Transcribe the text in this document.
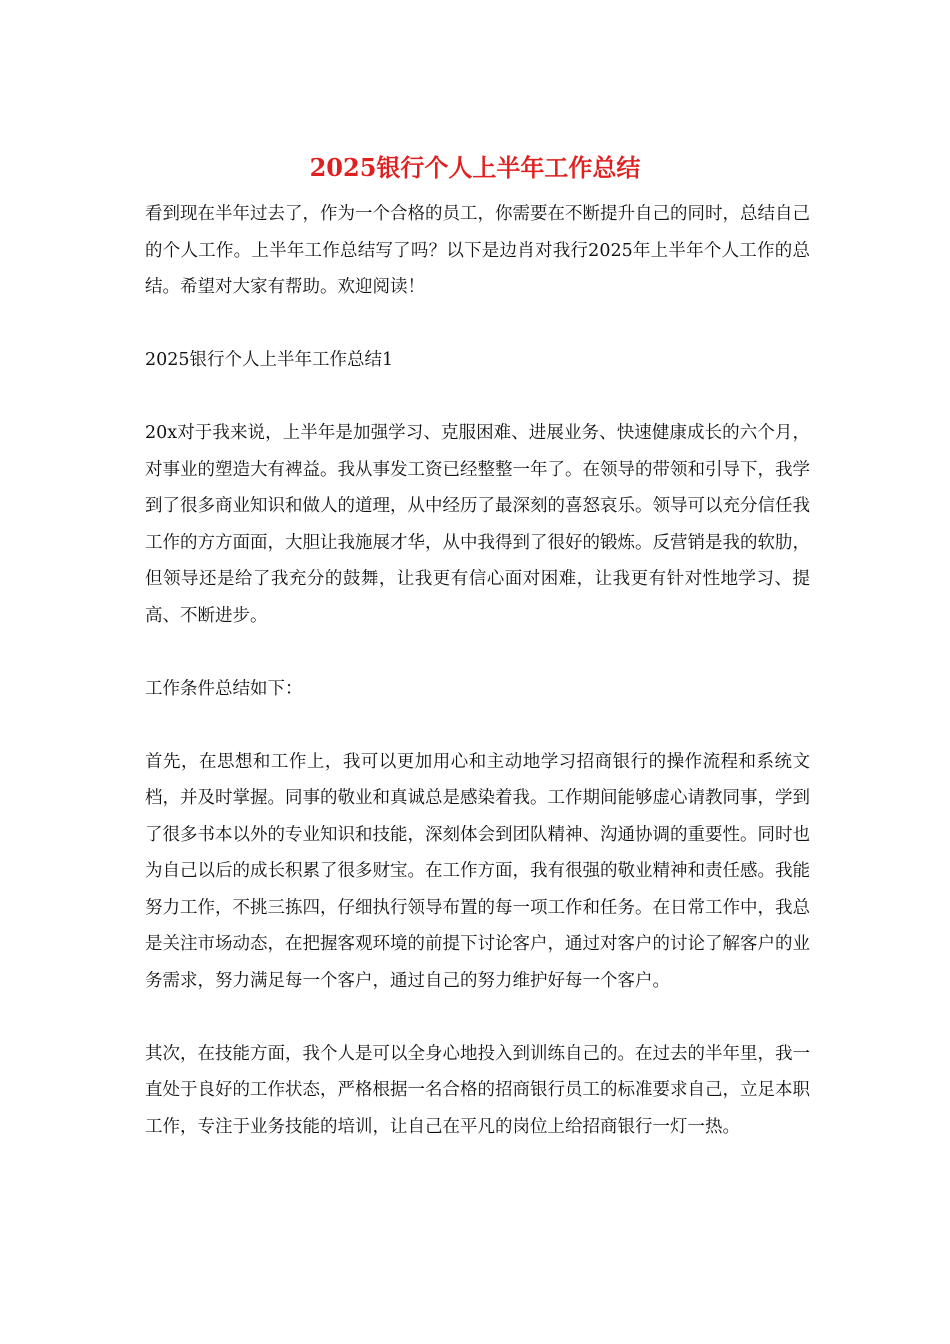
2025银行个人上半年工作总结

看到现在半年过去了，作为一个合格的员工，你需要在不断提升自己的同时，总结自己的个人工作。上半年工作总结写了吗？以下是边肖对我行2025年上半年个人工作的总结。希望对大家有帮助。欢迎阅读！

2025银行个人上半年工作总结1

20x对于我来说，上半年是加强学习、克服困难、进展业务、快速健康成长的六个月，对事业的塑造大有裨益。我从事发工资已经整整一年了。在领导的带领和引导下，我学到了很多商业知识和做人的道理，从中经历了最深刻的喜怒哀乐。领导可以充分信任我工作的方方面面，大胆让我施展才华，从中我得到了很好的锻炼。反营销是我的软肋，但领导还是给了我充分的鼓舞，让我更有信心面对困难，让我更有针对性地学习、提高、不断进步。

工作条件总结如下：

首先，在思想和工作上，我可以更加用心和主动地学习招商银行的操作流程和系统文档，并及时掌握。同事的敬业和真诚总是感染着我。工作期间能够虚心请教同事，学到了很多书本以外的专业知识和技能，深刻体会到团队精神、沟通协调的重要性。同时也为自己以后的成长积累了很多财宝。在工作方面，我有很强的敬业精神和责任感。我能努力工作，不挑三拣四，仔细执行领导布置的每一项工作和任务。在日常工作中，我总是关注市场动态，在把握客观环境的前提下讨论客户，通过对客户的讨论了解客户的业务需求，努力满足每一个客户，通过自己的努力维护好每一个客户。

其次，在技能方面，我个人是可以全身心地投入到训练自己的。在过去的半年里，我一直处于良好的工作状态，严格根据一名合格的招商银行员工的标准要求自己，立足本职工作，专注于业务技能的培训，让自己在平凡的岗位上给招商银行一灯一热。
